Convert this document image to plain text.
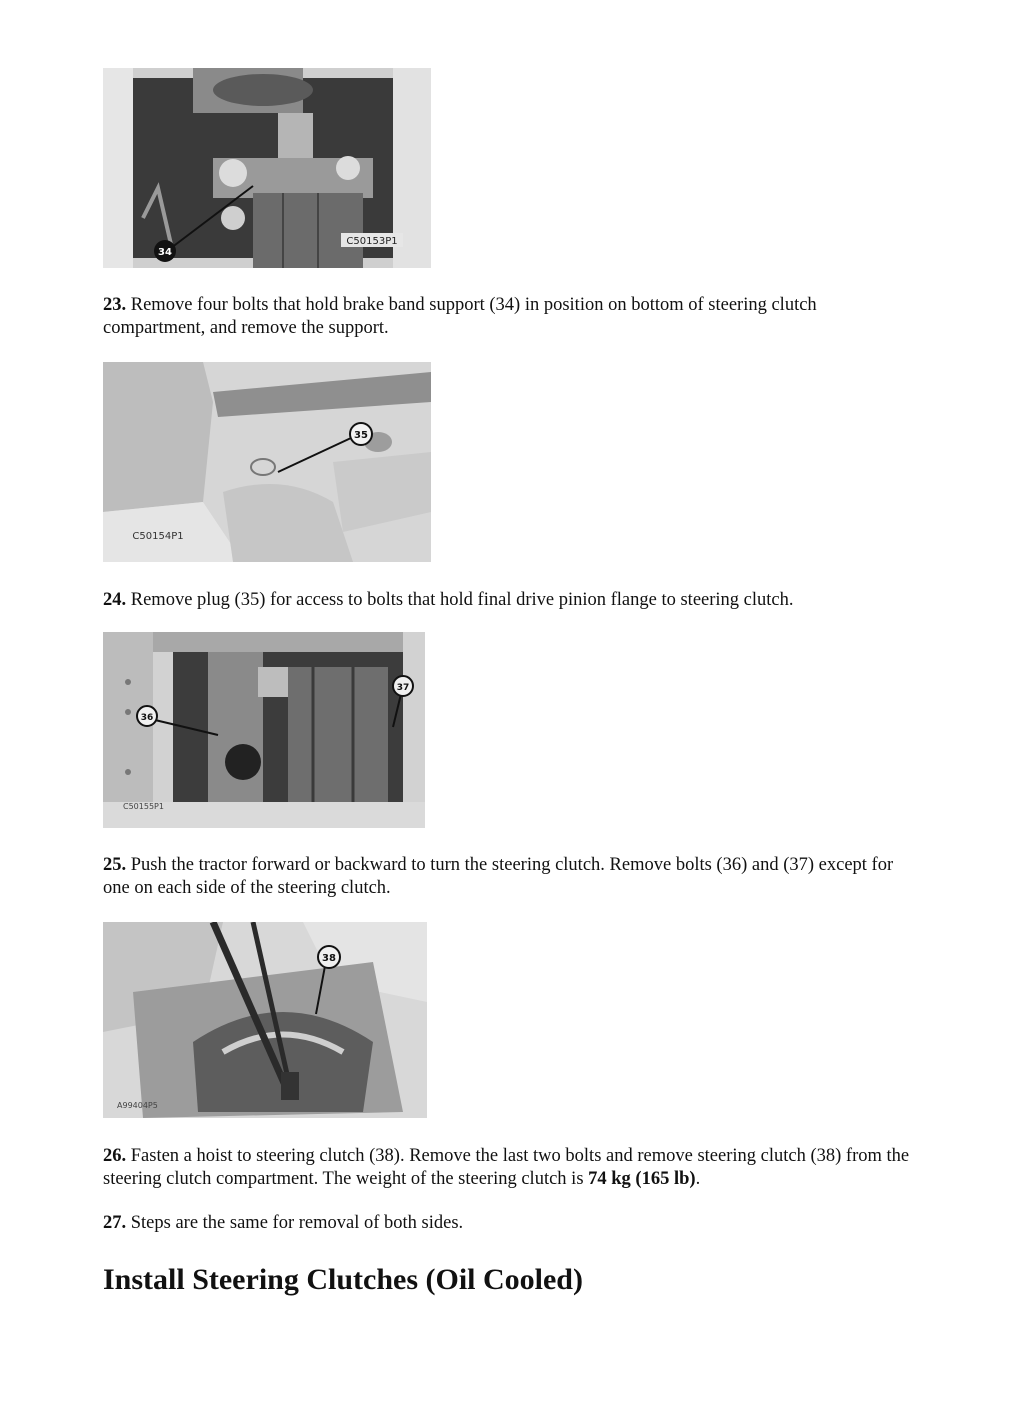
34
C50153P1

23. Remove four bolts that hold brake band support (34) in position on bottom of steering clutch compartment, and remove the support.

35
C50154P1

24. Remove plug (35) for access to bolts that hold final drive pinion flange to steering clutch.

36
37
C50155P1

25. Push the tractor forward or backward to turn the steering clutch. Remove bolts (36) and (37) except for one on each side of the steering clutch.

38
A99404P5

26. Fasten a hoist to steering clutch (38). Remove the last two bolts and remove steering clutch (38) from the steering clutch compartment. The weight of the steering clutch is 74 kg (165 lb).

27. Steps are the same for removal of both sides.

Install Steering Clutches (Oil Cooled)
